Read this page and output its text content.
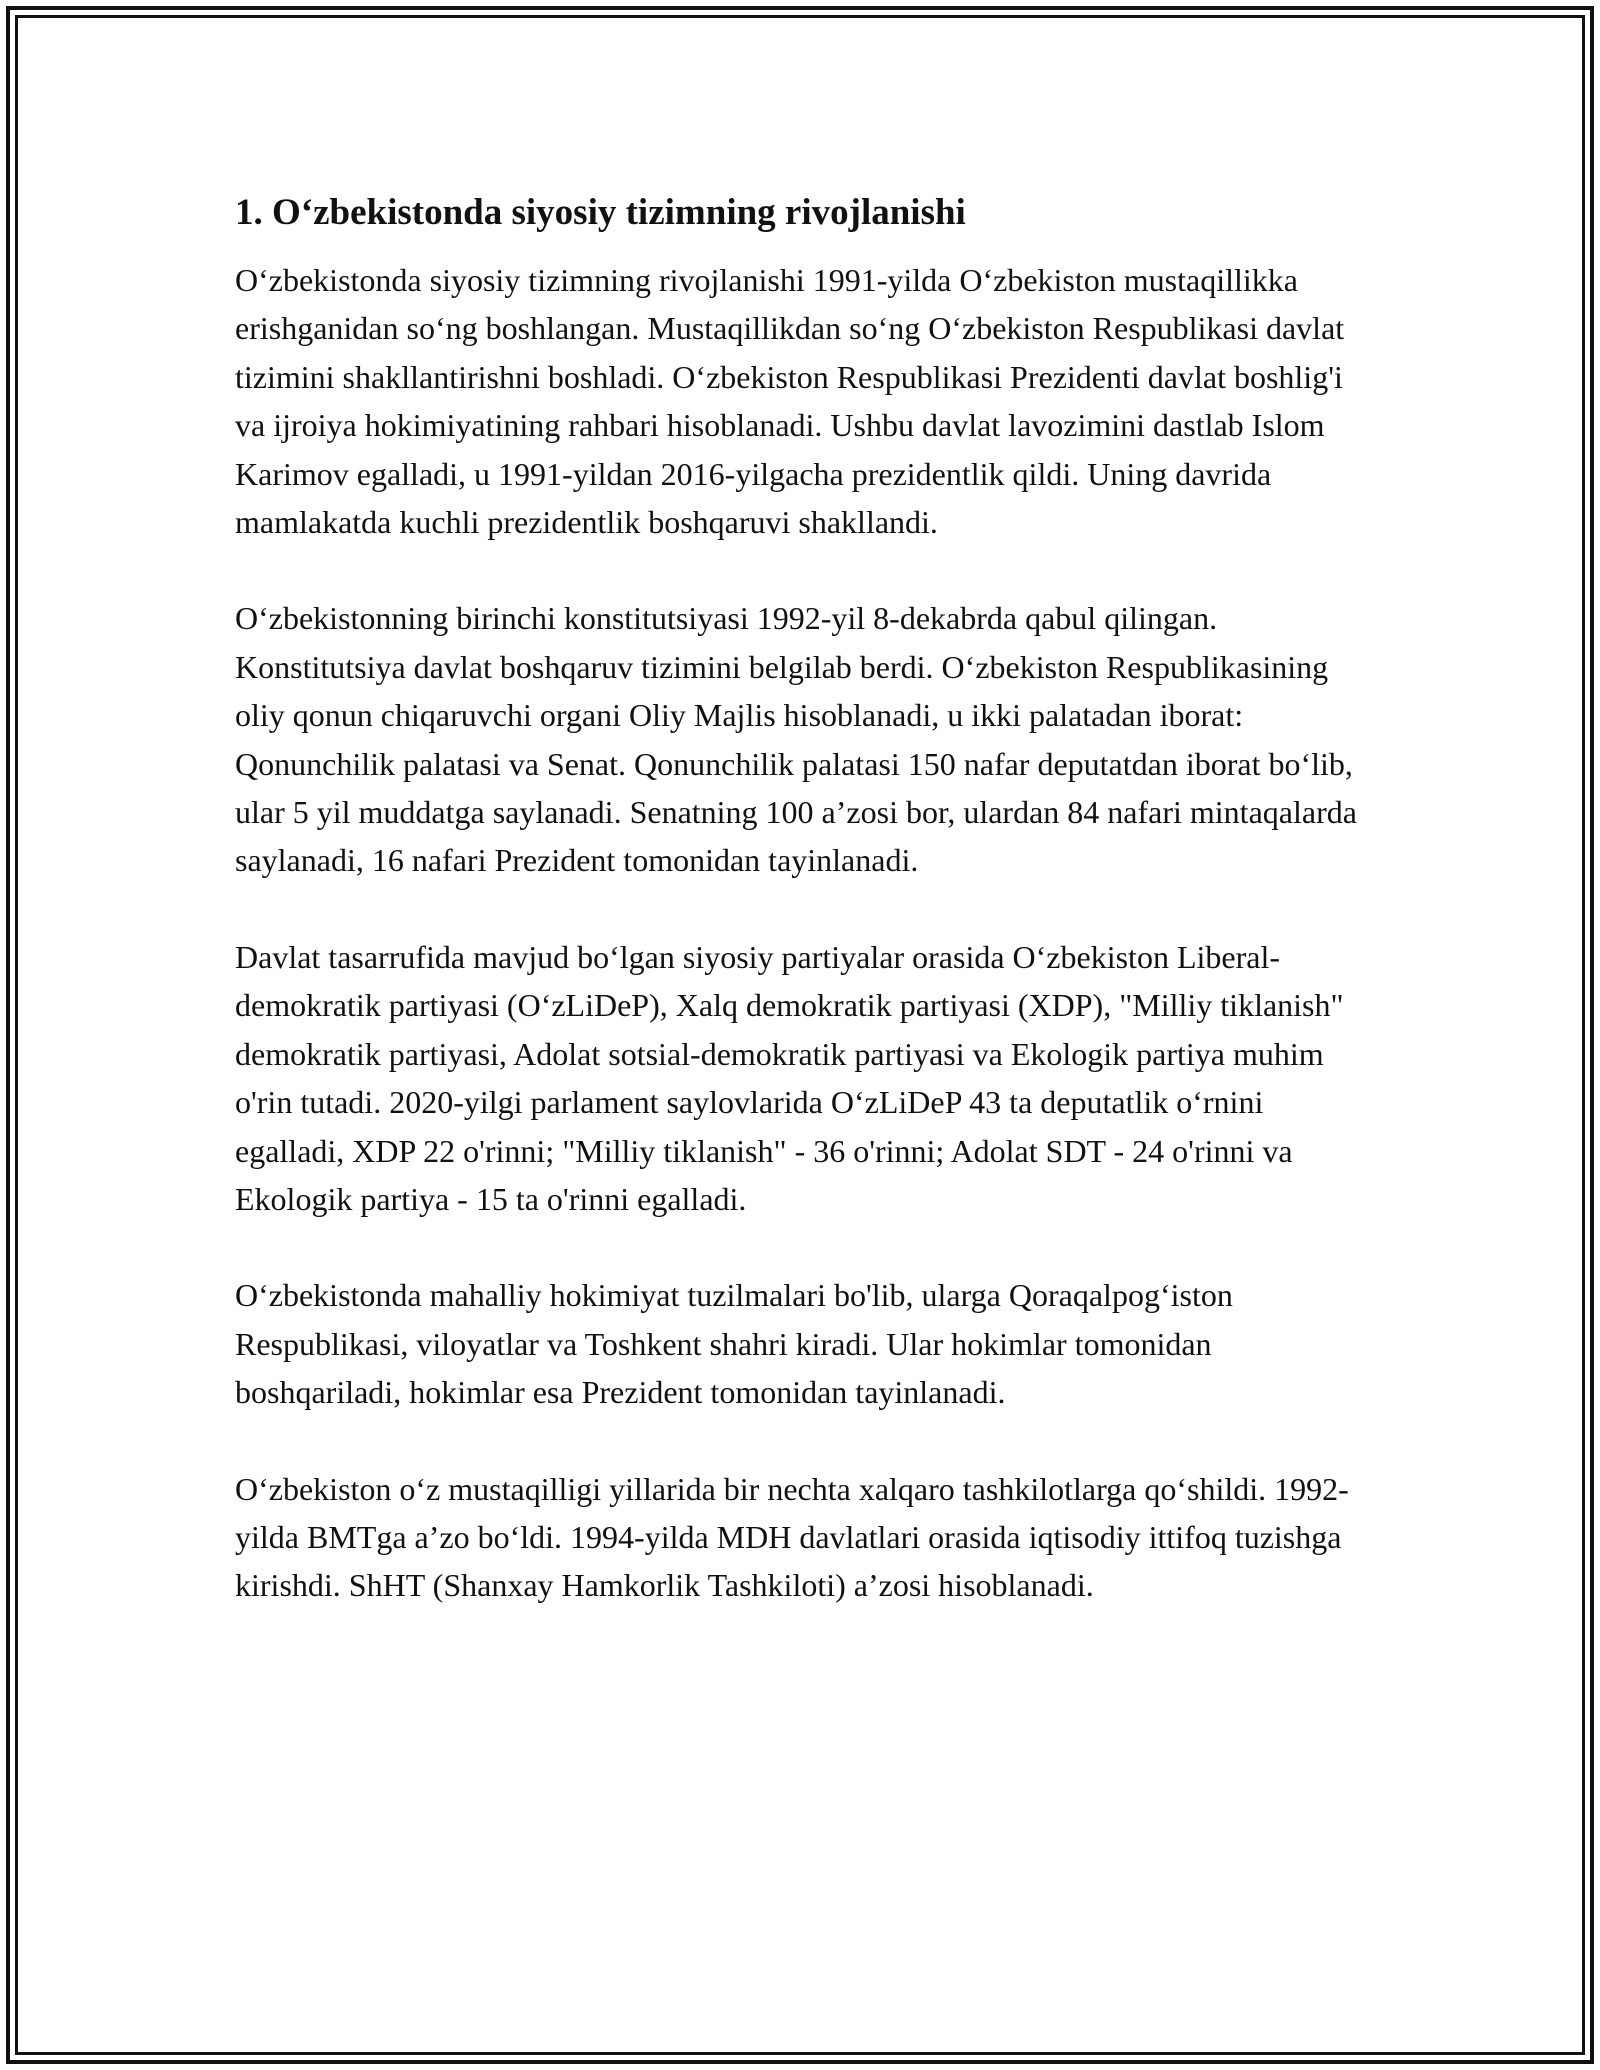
1. O‘zbekistonda siyosiy tizimning rivojlanishi

O‘zbekistonda siyosiy tizimning rivojlanishi 1991-yilda O‘zbekiston mustaqillikka erishganidan so‘ng boshlangan. Mustaqillikdan so‘ng O‘zbekiston Respublikasi davlat tizimini shakllantirishni boshladi. O‘zbekiston Respublikasi Prezidenti davlat boshlig'i va ijroiya hokimiyatining rahbari hisoblanadi. Ushbu davlat lavozimini dastlab Islom Karimov egalladi, u 1991-yildan 2016-yilgacha prezidentlik qildi. Uning davrida mamlakatda kuchli prezidentlik boshqaruvi shakllandi.

O‘zbekistonning birinchi konstitutsiyasi 1992-yil 8-dekabrda qabul qilingan. Konstitutsiya davlat boshqaruv tizimini belgilab berdi. O‘zbekiston Respublikasining oliy qonun chiqaruvchi organi Oliy Majlis hisoblanadi, u ikki palatadan iborat: Qonunchilik palatasi va Senat. Qonunchilik palatasi 150 nafar deputatdan iborat bo‘lib, ular 5 yil muddatga saylanadi. Senatning 100 a’zosi bor, ulardan 84 nafari mintaqalarda saylanadi, 16 nafari Prezident tomonidan tayinlanadi.

Davlat tasarrufida mavjud bo‘lgan siyosiy partiyalar orasida O‘zbekiston Liberal-demokratik partiyasi (O‘zLiDeP), Xalq demokratik partiyasi (XDP), "Milliy tiklanish" demokratik partiyasi, Adolat sotsial-demokratik partiyasi va Ekologik partiya muhim o'rin tutadi. 2020-yilgi parlament saylovlarida O‘zLiDeP 43 ta deputatlik o‘rnini egalladi, XDP 22 o'rinni; "Milliy tiklanish" - 36 o'rinni; Adolat SDT - 24 o'rinni va Ekologik partiya - 15 ta o'rinni egalladi.

O‘zbekistonda mahalliy hokimiyat tuzilmalari bo'lib, ularga Qoraqalpog‘iston Respublikasi, viloyatlar va Toshkent shahri kiradi. Ular hokimlar tomonidan boshqariladi, hokimlar esa Prezident tomonidan tayinlanadi.

O‘zbekiston o‘z mustaqilligi yillarida bir nechta xalqaro tashkilotlarga qo‘shildi. 1992-yilda BMTga a’zo bo‘ldi. 1994-yilda MDH davlatlari orasida iqtisodiy ittifoq tuzishga kirishdi. ShHT (Shanxay Hamkorlik Tashkiloti) a’zosi hisoblanadi.
